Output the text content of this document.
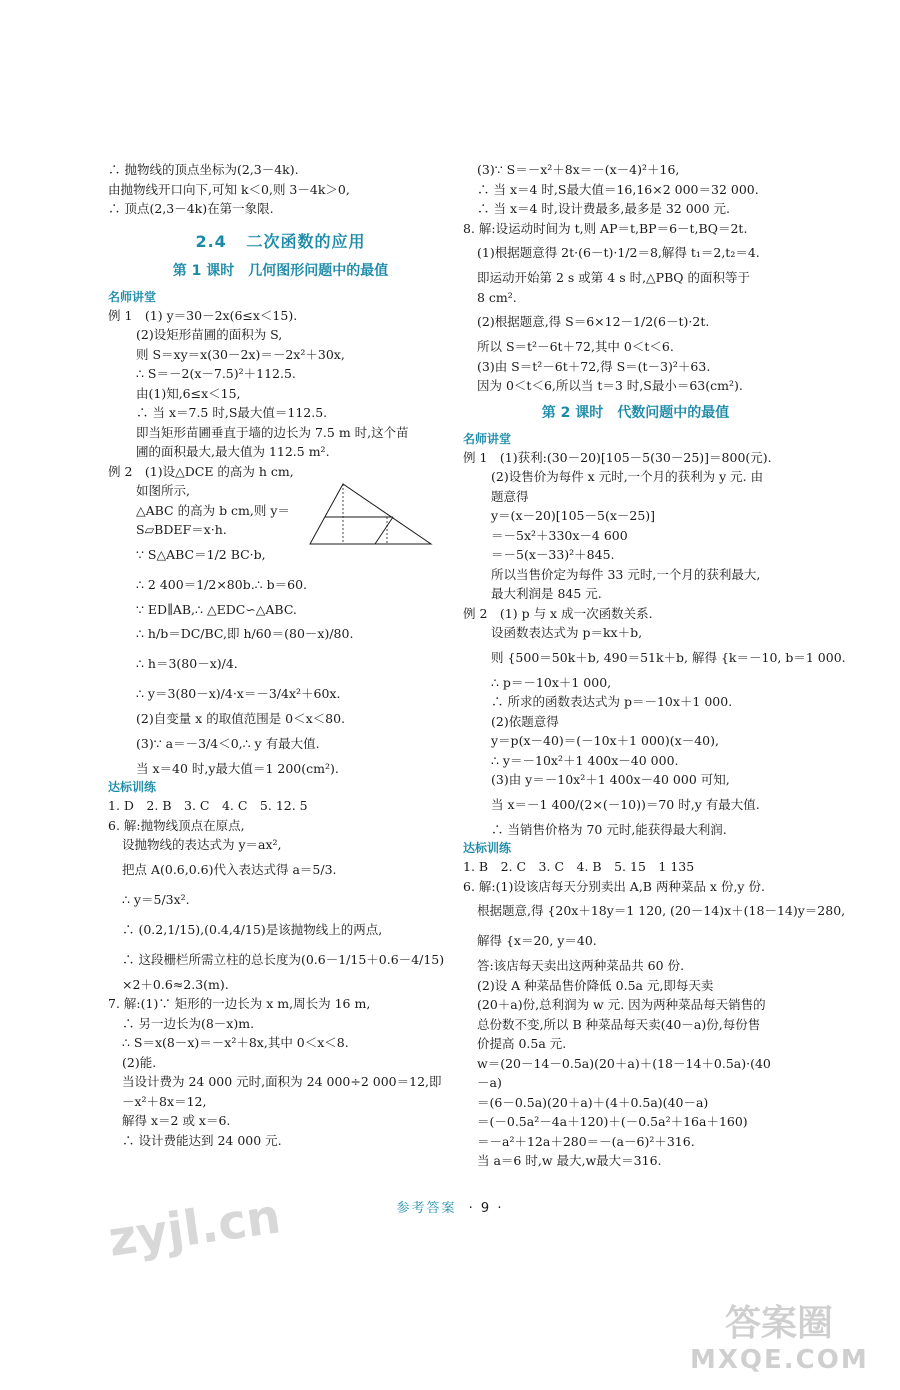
∴ 抛物线的顶点坐标为(2,3－4k).
由抛物线开口向下,可知 k＜0,则 3－4k＞0,
∴ 顶点(2,3－4k)在第一象限.
2.4 二次函数的应用
第 1 课时　几何图形问题中的最值
名师讲堂
例 1　(1) y＝30－2x(6≤x＜15).
(2)设矩形苗圃的面积为 S,
则 S＝xy＝x(30－2x)＝－2x²＋30x,
∴ S＝－2(x－7.5)²＋112.5.
由(1)知,6≤x＜15,
∴ 当 x＝7.5 时,S最大值＝112.5.
即当矩形苗圃垂直于墙的边长为 7.5 m 时,这个苗
圃的面积最大,最大值为 112.5 m².
例 2　(1)设△DCE 的高为 h cm,
如图所示,
△ABC 的高为 b cm,则 y＝
S▱BDEF＝x·h.
∵ S△ABC＝1/2 BC·b,
∴ 2 400＝1/2×80b.∴ b＝60.
∵ ED∥AB,∴ △EDC∽△ABC.
∴ h/b＝DC/BC,即 h/60＝(80－x)/80.
∴ h＝3(80－x)/4.
∴ y＝3(80－x)/4·x＝－3/4x²＋60x.
(2)自变量 x 的取值范围是 0＜x＜80.
(3)∵ a＝－3/4＜0,∴ y 有最大值.
当 x＝40 时,y最大值＝1 200(cm²).
达标训练
1. D　2. B　3. C　4. C　5. 12. 5
6. 解:抛物线顶点在原点,
设抛物线的表达式为 y＝ax²,
把点 A(0.6,0.6)代入表达式得 a＝5/3.
∴ y＝5/3x².
∴ (0.2,1/15),(0.4,4/15)是该抛物线上的两点,
∴ 这段栅栏所需立柱的总长度为(0.6－1/15＋0.6－4/15)
×2＋0.6≈2.3(m).
7. 解:(1)∵ 矩形的一边长为 x m,周长为 16 m,
∴ 另一边长为(8－x)m.
∴ S＝x(8－x)＝－x²＋8x,其中 0＜x＜8.
(2)能.
当设计费为 24 000 元时,面积为 24 000÷2 000＝12,即
－x²＋8x＝12,
解得 x＝2 或 x＝6.
∴ 设计费能达到 24 000 元.
(3)∵ S＝－x²＋8x＝－(x－4)²＋16,
∴ 当 x＝4 时,S最大值＝16,16×2 000＝32 000.
∴ 当 x＝4 时,设计费最多,最多是 32 000 元.
8. 解:设运动时间为 t,则 AP＝t,BP＝6－t,BQ＝2t.
(1)根据题意得 2t·(6－t)·1/2＝8,解得 t₁＝2,t₂＝4.
即运动开始第 2 s 或第 4 s 时,△PBQ 的面积等于
8 cm².
(2)根据题意,得 S＝6×12－1/2(6－t)·2t.
所以 S＝t²－6t＋72,其中 0＜t＜6.
(3)由 S＝t²－6t＋72,得 S＝(t－3)²＋63.
因为 0＜t＜6,所以当 t＝3 时,S最小＝63(cm²).
第 2 课时　代数问题中的最值
名师讲堂
例 1　(1)获利:(30－20)[105－5(30－25)]＝800(元).
(2)设售价为每件 x 元时,一个月的获利为 y 元. 由
题意得
y＝(x－20)[105－5(x－25)]
＝－5x²＋330x－4 600
＝－5(x－33)²＋845.
所以当售价定为每件 33 元时,一个月的获利最大,
最大利润是 845 元.
例 2　(1) p 与 x 成一次函数关系.
设函数表达式为 p＝kx＋b,
则 {500＝50k＋b, 490＝51k＋b, 解得 {k＝－10, b＝1 000.
∴ p＝－10x＋1 000,
∴ 所求的函数表达式为 p＝－10x＋1 000.
(2)依题意得
y＝p(x－40)＝(－10x＋1 000)(x－40),
∴ y＝－10x²＋1 400x－40 000.
(3)由 y＝－10x²＋1 400x－40 000 可知,
当 x＝－1 400/(2×(－10))＝70 时,y 有最大值.
∴ 当销售价格为 70 元时,能获得最大利润.
达标训练
1. B　2. C　3. C　4. B　5. 15　1 135
6. 解:(1)设该店每天分别卖出 A,B 两种菜品 x 份,y 份.
根据题意,得 {20x＋18y＝1 120, (20－14)x＋(18－14)y＝280,
解得 {x＝20, y＝40.
答:该店每天卖出这两种菜品共 60 份.
(2)设 A 种菜品售价降低 0.5a 元,即每天卖
(20＋a)份,总利润为 w 元. 因为两种菜品每天销售的
总份数不变,所以 B 种菜品每天卖(40－a)份,每份售
价提高 0.5a 元.
w＝(20－14－0.5a)(20＋a)＋(18－14＋0.5a)·(40
－a)
＝(6－0.5a)(20＋a)＋(4＋0.5a)(40－a)
＝(－0.5a²－4a＋120)＋(－0.5a²＋16a＋160)
＝－a²＋12a＋280＝－(a－6)²＋316.
当 a＝6 时,w 最大,w最大＝316.
参考答案 · 9 ·
zyjl.cn
答案圈
MXQE.COM
